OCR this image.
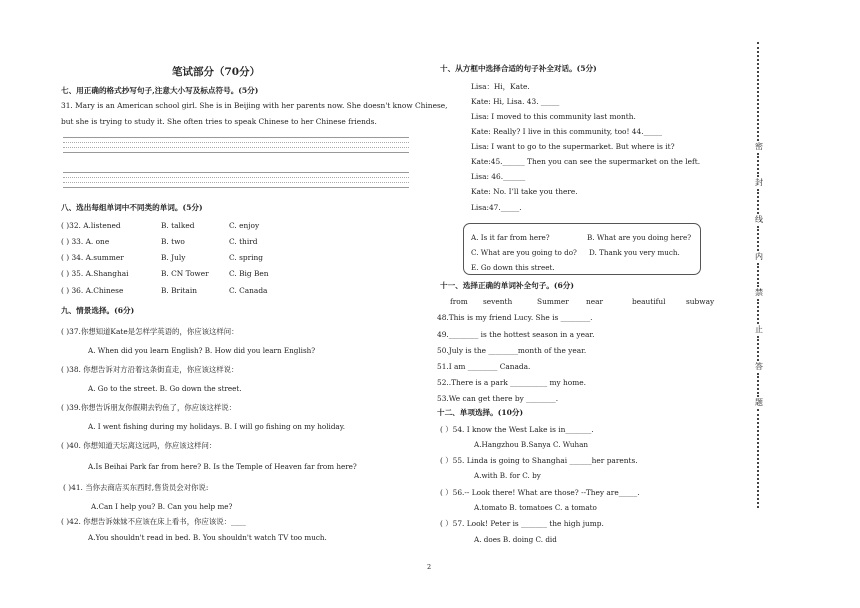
笔试部分（70分）
七、用正确的格式抄写句子,注意大小写及标点符号。(5分)
31. Mary is an American school girl. She is in Beijing with her parents now. She doesn't know Chinese,
but she is trying to study it. She often tries to speak Chinese to her Chinese friends.
八、选出每组单词中不同类的单词。(5分)
( )32. A.listened	B. talked	C. enjoy
( ) 33. A. one	B. two	C. third
( ) 34. A.summer	B. July	C. spring
( ) 35. A.Shanghai	B. CN Tower	C. Big Ben
( ) 36. A.Chinese	B. Britain	C. Canada
九、情景选择。(6分)
( )37.你想知道Kate是怎样学英语的，你应该这样问：
A. When did you learn English? B. How did you learn English?
( )38. 你想告诉对方沿着这条街直走，你应该这样说：
A. Go to the street. B. Go down the street.
( )39.你想告诉朋友你假期去钓鱼了，你应该这样说：
A. I went fishing during my holidays. B. I will go fishing on my holiday.
( )40. 你想知道天坛离这远吗，你应该这样问：
A.Is Beihai Park far from here? B. Is the Temple of Heaven far from here?
( )41. 当你去商店买东西时,售货员会对你说:
A.Can I help you? B. Can you help me?
( )42. 你想告诉妹妹不应该在床上看书，你应该说：____
A.You shouldn't read in bed. B. You shouldn't watch TV too much.
十、从方框中选择合适的句子补全对话。(5分)
Lisa：Hi，Kate.
Kate: Hi, Lisa. 43. _____
Lisa: I moved to this community last month.
Kate: Really? I live in this community, too! 44._____
Lisa: I want to go to the supermarket. But where is it?
Kate:45.______ Then you can see the supermarket on the left.
Lisa: 46.______
Kate: No. I’ll take you there.
Lisa:47._____.
A. Is it far from here?	B. What are you doing here?
C. What are you going to do? D. Thank you very much.
E. Go down this street.
十一、选择正确的单词补全句子。(6分)
from seventh	Summer near	beautiful	subway
48.This is my friend Lucy. She is ________.
49.________ is the hottest season in a year.
50.July is the ________month of the year.
51.I am ________ Canada.
52..There is a park __________ my home.
53.We can get there by ________.
十二、单项选择。(10分)
( ）54. I know the West Lake is in_______.
A.Hangzhou B.Sanya C. Wuhan
( ）55. Linda is going to Shanghai ______her parents.
A.with B. for C. by
( ）56.-- Look there! What are those? --They are_____.
A.tomato B. tomatoes C. a tomato
( ）57. Look! Peter is _______ the high jump.
A. does B. doing C. did
密
封
线
内
禁
止
答
题
2
